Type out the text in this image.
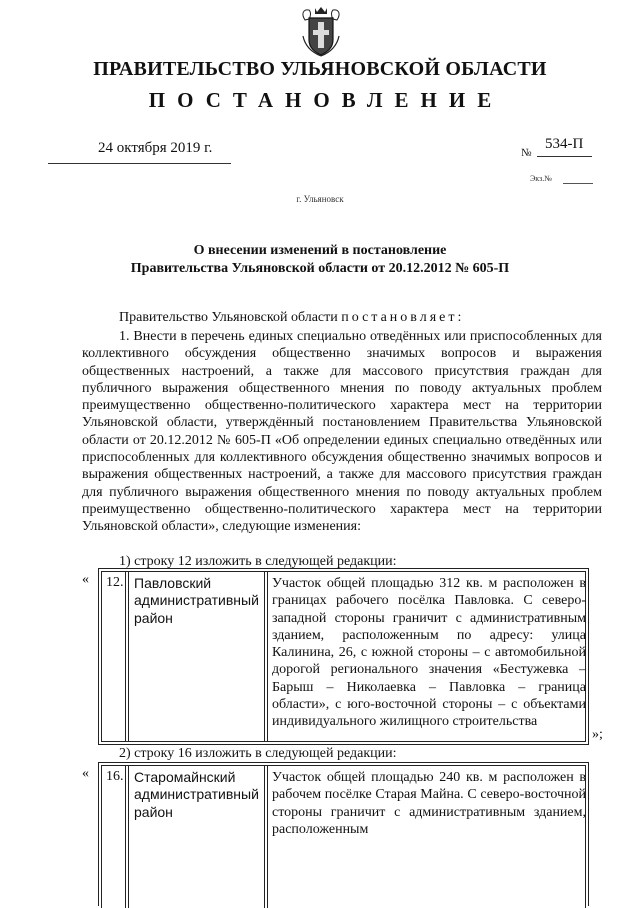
ПРАВИТЕЛЬСТВО УЛЬЯНОВСКОЙ ОБЛАСТИ
ПОСТАНОВЛЕНИЕ
24 октября 2019 г.	№
534-П
Экз.№
г. Ульяновск
О внесении изменений в постановление
Правительства Ульяновской области от 20.12.2012 № 605-П
Правительство Ульяновской области постановляет:
1. Внести в перечень единых специально отведённых или приспособленных для коллективного обсуждения общественно значимых вопросов и выражения общественных настроений, а также для массового присутствия граждан для публичного выражения общественного мнения по поводу актуальных проблем преимущественно общественно-политического характера мест на территории Ульяновской области, утверждённый постановлением Правительства Ульяновской области от 20.12.2012 № 605-П «Об определении единых специально отведённых или приспособленных для коллективного обсуждения общественно значимых вопросов и выражения общественных настроений, а также для массового присутствия граждан для публичного выражения общественного мнения по поводу актуальных проблем преимущественно общественно-политического характера мест на территории Ульяновской области», следующие изменения:
1) строку 12 изложить в следующей редакции:
« 12. Павловский административный район
Участок общей площадью 312 кв. м расположен в границах рабочего посёлка Павловка. С северо-западной стороны граничит с административным зданием, расположенным по адресу: улица Калинина, 26, с южной стороны – с автомобильной дорогой регионального значения «Бестужевка – Барыш – Николаевка – Павловка – граница области», с юго-восточной стороны – с объектами индивидуального жилищного строительства
»;
2) строку 16 изложить в следующей редакции:
« 16. Старомайнский административный район
Участок общей площадью 240 кв. м расположен в рабочем посёлке Старая Майна. С северо-восточной стороны граничит с административным зданием, расположенным
